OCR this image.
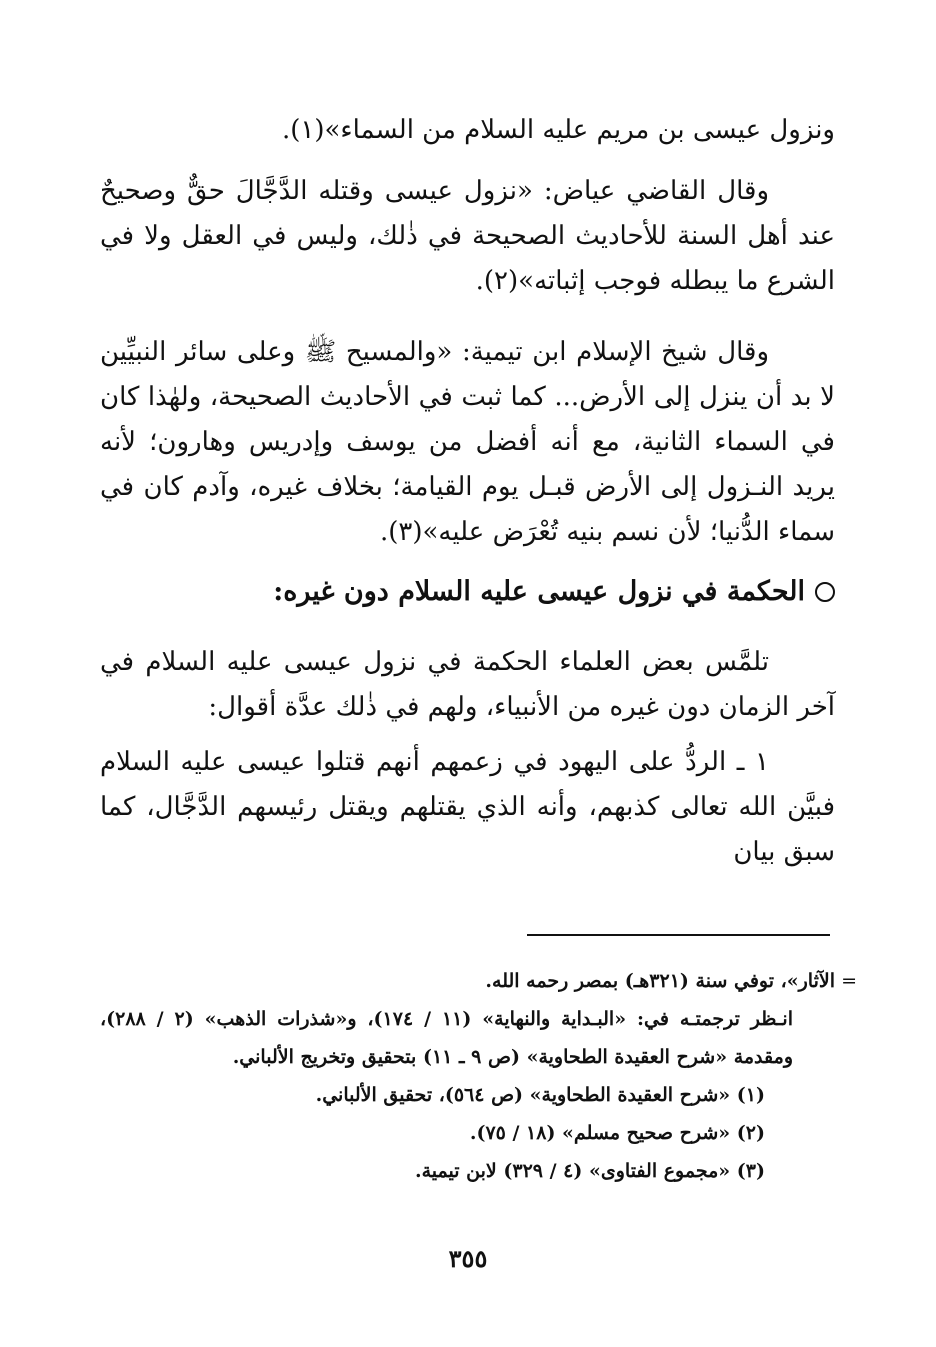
ونزول عيسى بن مريم عليه السلام من السماء»(١).

وقال القاضي عياض: «نزول عيسى وقتله الدَّجَّالَ حقٌّ وصحيحٌ عند أهل السنة للأحاديث الصحيحة في ذٰلك، وليس في العقل ولا في الشرع ما يبطله فوجب إثباته»(٢).

وقال شيخ الإسلام ابن تيمية: «والمسيح ﷺ وعلى سائر النبيِّين لا بد أن ينزل إلى الأرض... كما ثبت في الأحاديث الصحيحة، ولهٰذا كان في السماء الثانية، مع أنه أفضل من يوسف وإدريس وهارون؛ لأنه يريد النـزول إلى الأرض قبـل يوم القيامة؛ بخلاف غيره، وآدم كان في سماء الدُّنيا؛ لأن نسم بنيه تُعْرَض عليه»(٣).

الحكمة في نزول عيسى عليه السلام دون غيره:

تلمَّس بعض العلماء الحكمة في نزول عيسى عليه السلام في آخر الزمان دون غيره من الأنبياء، ولهم في ذٰلك عدَّة أقوال:

١ ـ الردُّ على اليهود في زعمهم أنهم قتلوا عيسى عليه السلام فبيَّن الله تعالى كذبهم، وأنه الذي يقتلهم ويقتل رئيسهم الدَّجَّال، كما سبق بيان

=
الآثار»، توفي سنة (٣٢١هـ) بمصر رحمه الله.

انـظر ترجمتـه في: «البـداية والنهاية» (١١ / ١٧٤)، و«شذرات الذهب» (٢ / ٢٨٨)، ومقدمة «شرح العقيدة الطحاوية» (ص ٩ ـ ١١) بتحقيق وتخريج الألباني.

(١) «شرح العقيدة الطحاوية» (ص ٥٦٤)، تحقيق الألباني.

(٢) «شرح صحيح مسلم» (١٨ / ٧٥).

(٣) «مجموع الفتاوى» (٤ / ٣٢٩) لابن تيمية.

٣٥٥
